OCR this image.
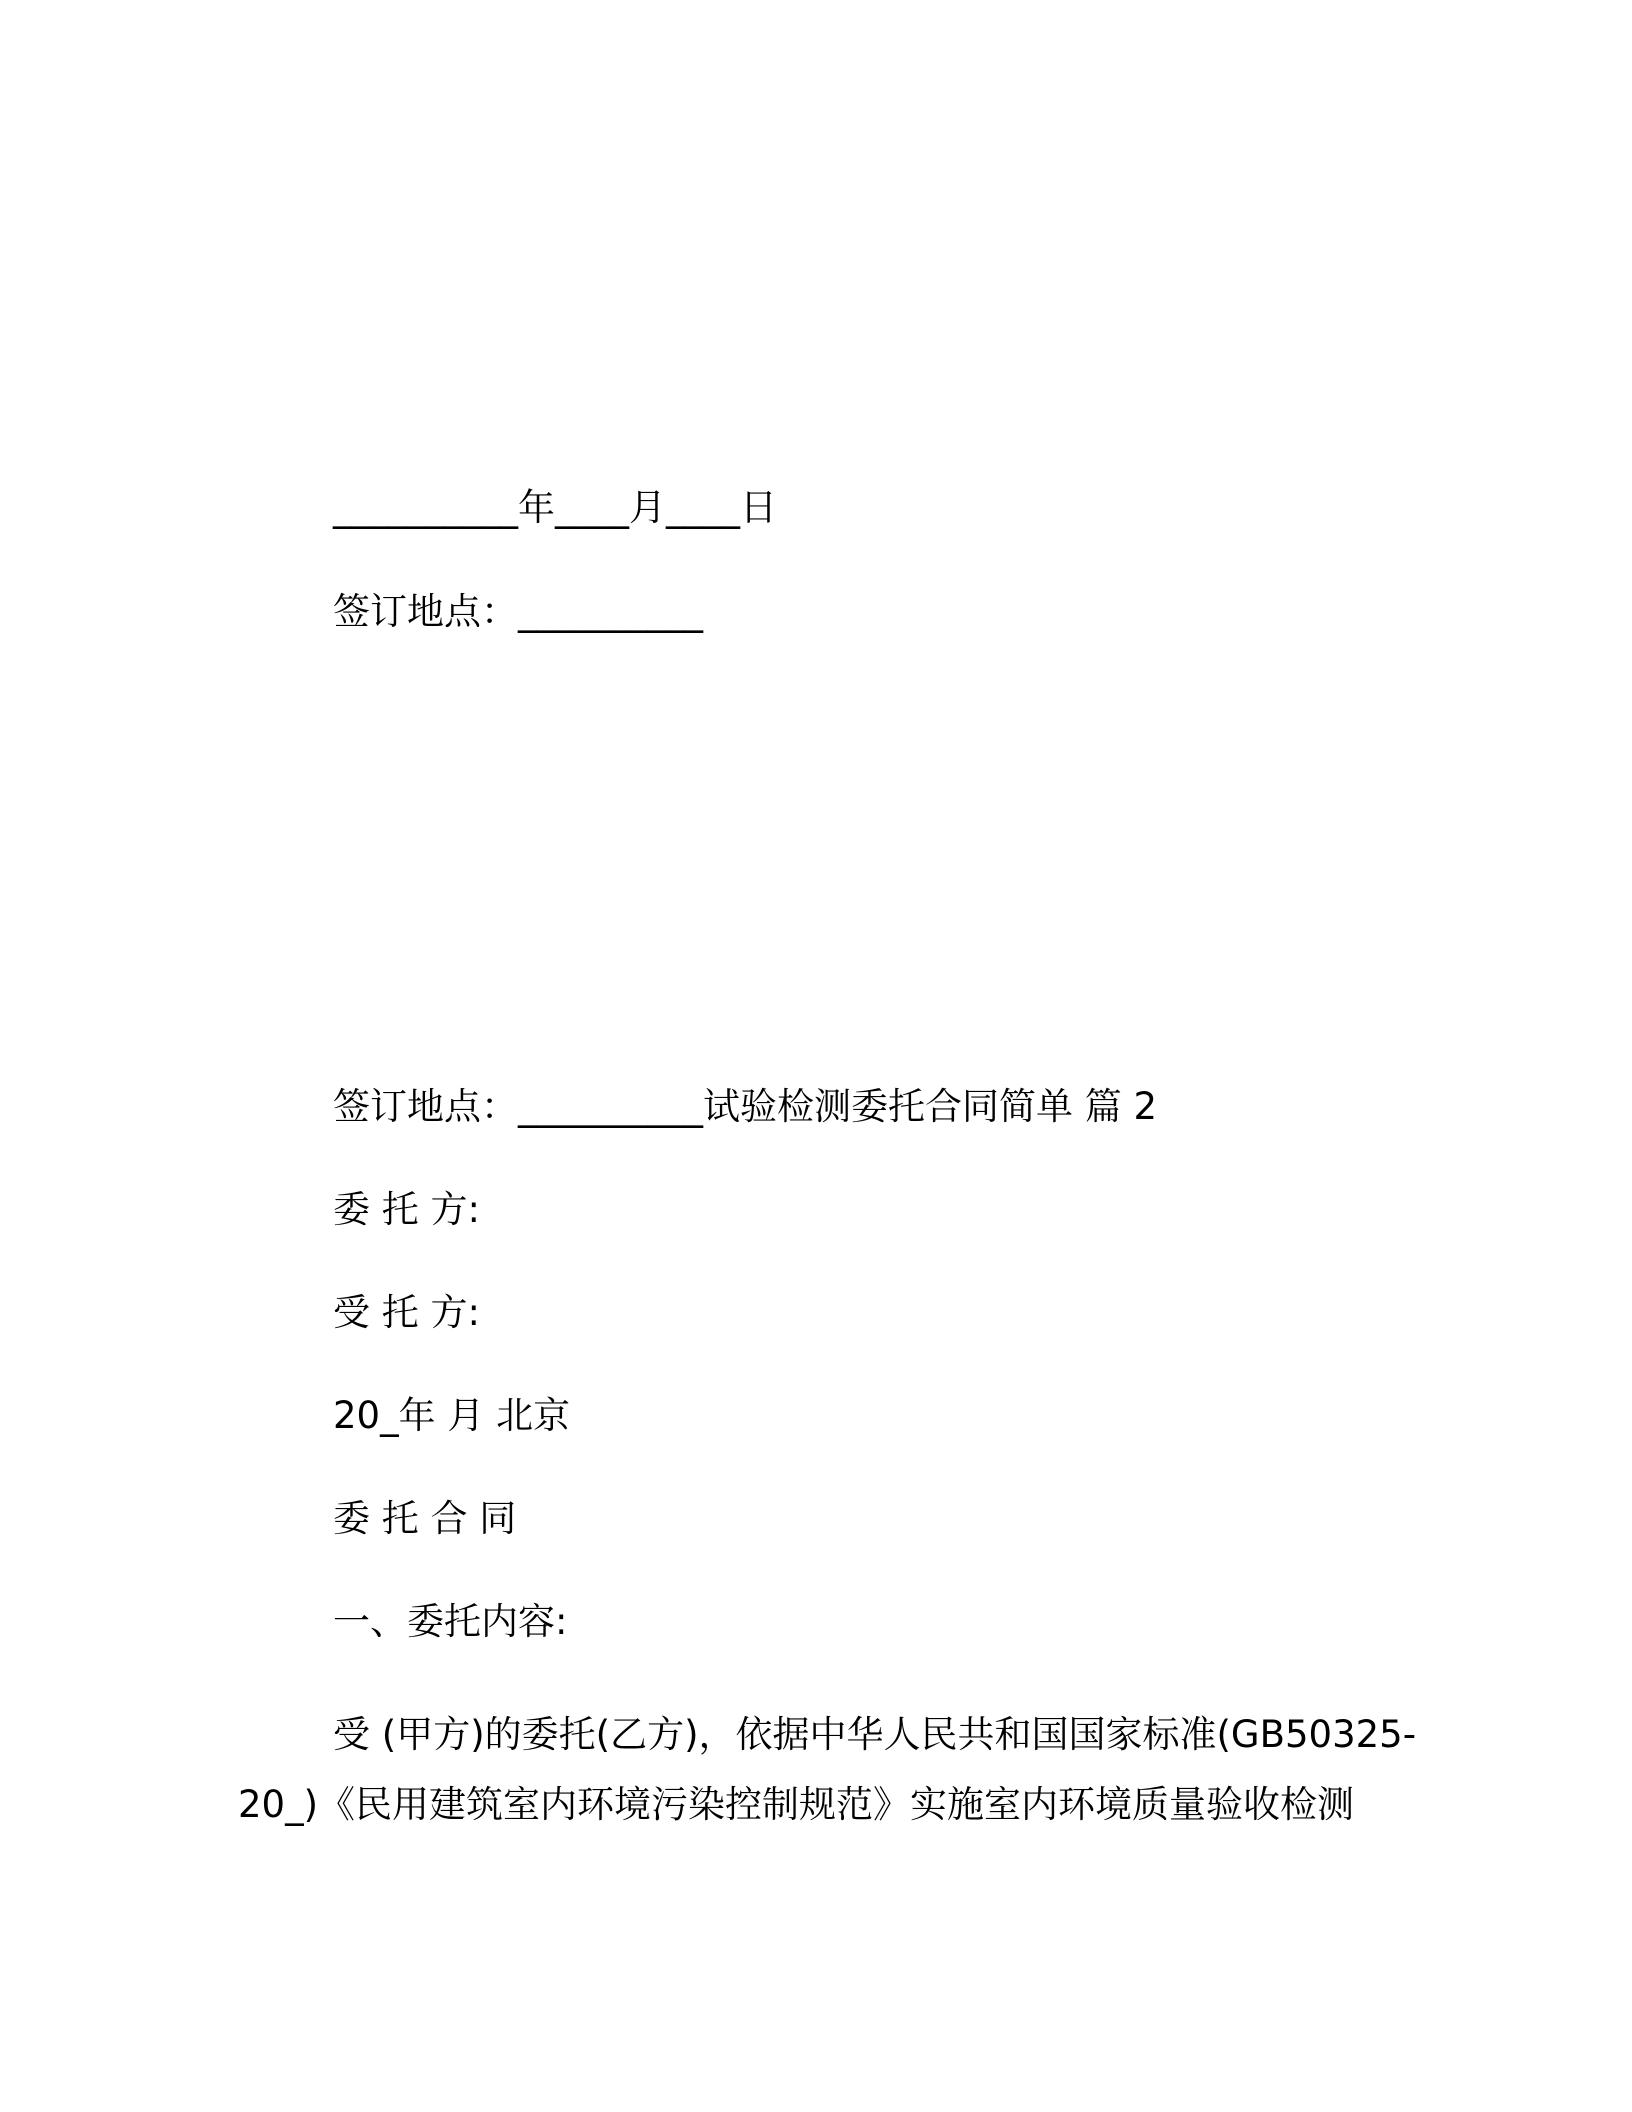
__________年____月____日
签订地点：__________
签订地点：__________试验检测委托合同简单 篇 2
委 托 方:
受 托 方:
20_年 月 北京
委 托 合 同
一、委托内容:
受 (甲方)的委托(乙方)，依据中华人民共和国国家标准(GB50325-
20_)《民用建筑室内环境污染控制规范》实施室内环境质量验收检测
